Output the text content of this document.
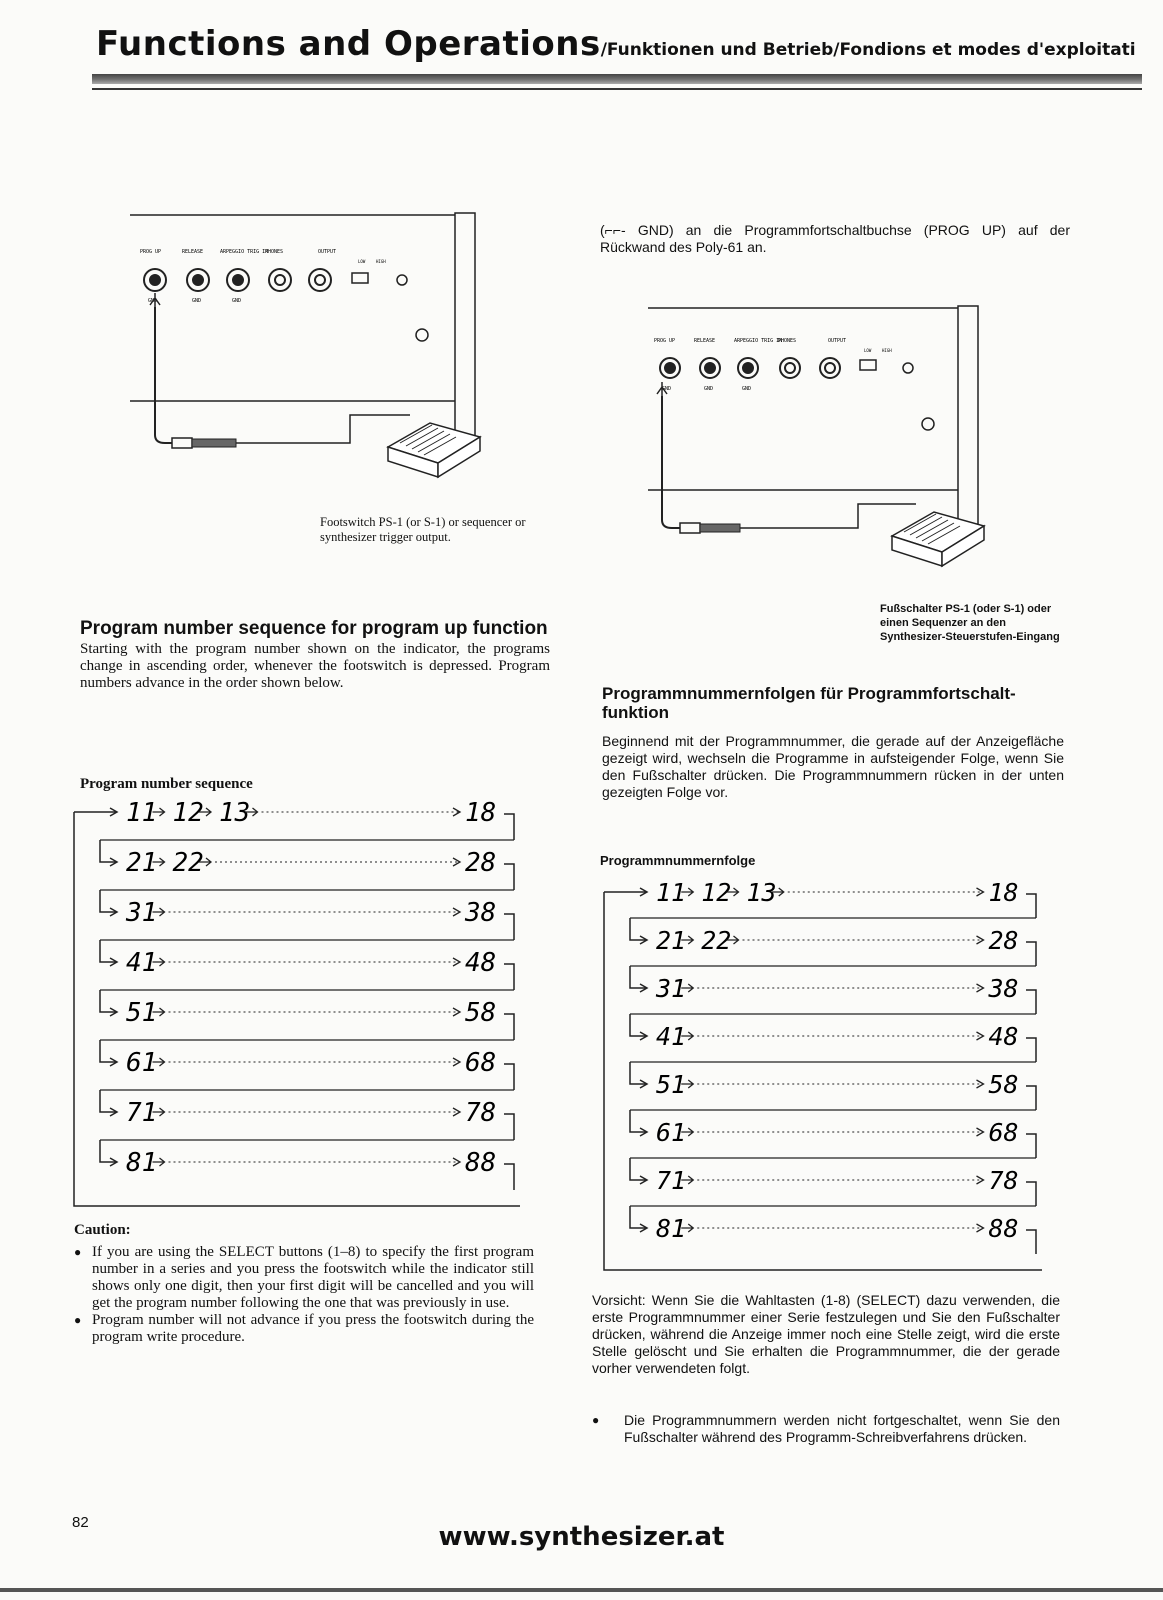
Functions and Operations/Funktionen und Betrieb/Fondions et modes d'exploitati
PROG UP	RELEASE	ARPEGGIO TRIG IN
PHONES	OUTPUT
LOW	HIGH
GND	GND	GND
Footswitch PS-1 (or S-1) or sequencer or synthesizer trigger output.
Program number sequence for program up function
Starting with the program number shown on the indicator, the programs change in ascending order, whenever the footswitch is depressed. Program numbers advance in the order shown below.
Program number sequence
11 12 13	18
21 22	28
31	38
41	48
51	58
61	68
71	78
81	88
Caution:
● If you are using the SELECT buttons (1–8) to specify the first program number in a series and you press the footswitch while the indicator still shows only one digit, then your first digit will be cancelled and you will get the program number following the one that was previously in use.
● Program number will not advance if you press the footswitch during the program write procedure.
(⌐⌐- GND) an die Programmfortschaltbuchse (PROG UP) auf der Rückwand des Poly-61 an.
PROG UP	RELEASE	ARPEGGIO TRIG IN
PHONES	OUTPUT
LOW	HIGH
GND	GND	GND
Fußschalter PS-1 (oder S-1) oder einen Sequenzer an den Synthesizer-Steuerstufen-Eingang
Programmnummernfolgen für Programmfortschalt-funktion
Beginnend mit der Programmnummer, die gerade auf der Anzeigefläche gezeigt wird, wechseln die Programme in aufsteigender Folge, wenn Sie den Fußschalter drücken. Die Programmnummern rücken in der unten gezeigten Folge vor.
Programmnummernfolge
11 12 13	18
21 22	28
31	38
41	48
51	58
61	68
71	78
81	88
Vorsicht: Wenn Sie die Wahltasten (1-8) (SELECT) dazu verwenden, die erste Programmnummer einer Serie festzulegen und Sie den Fußschalter drücken, während die Anzeige immer noch eine Stelle zeigt, wird die erste Stelle gelöscht und Sie erhalten die Programmnummer, die der gerade vorher verwendeten folgt.
● Die Programmnummern werden nicht fortgeschaltet, wenn Sie den Fußschalter während des Programm-Schreibverfahrens drücken.
82	www.synthesizer.at
